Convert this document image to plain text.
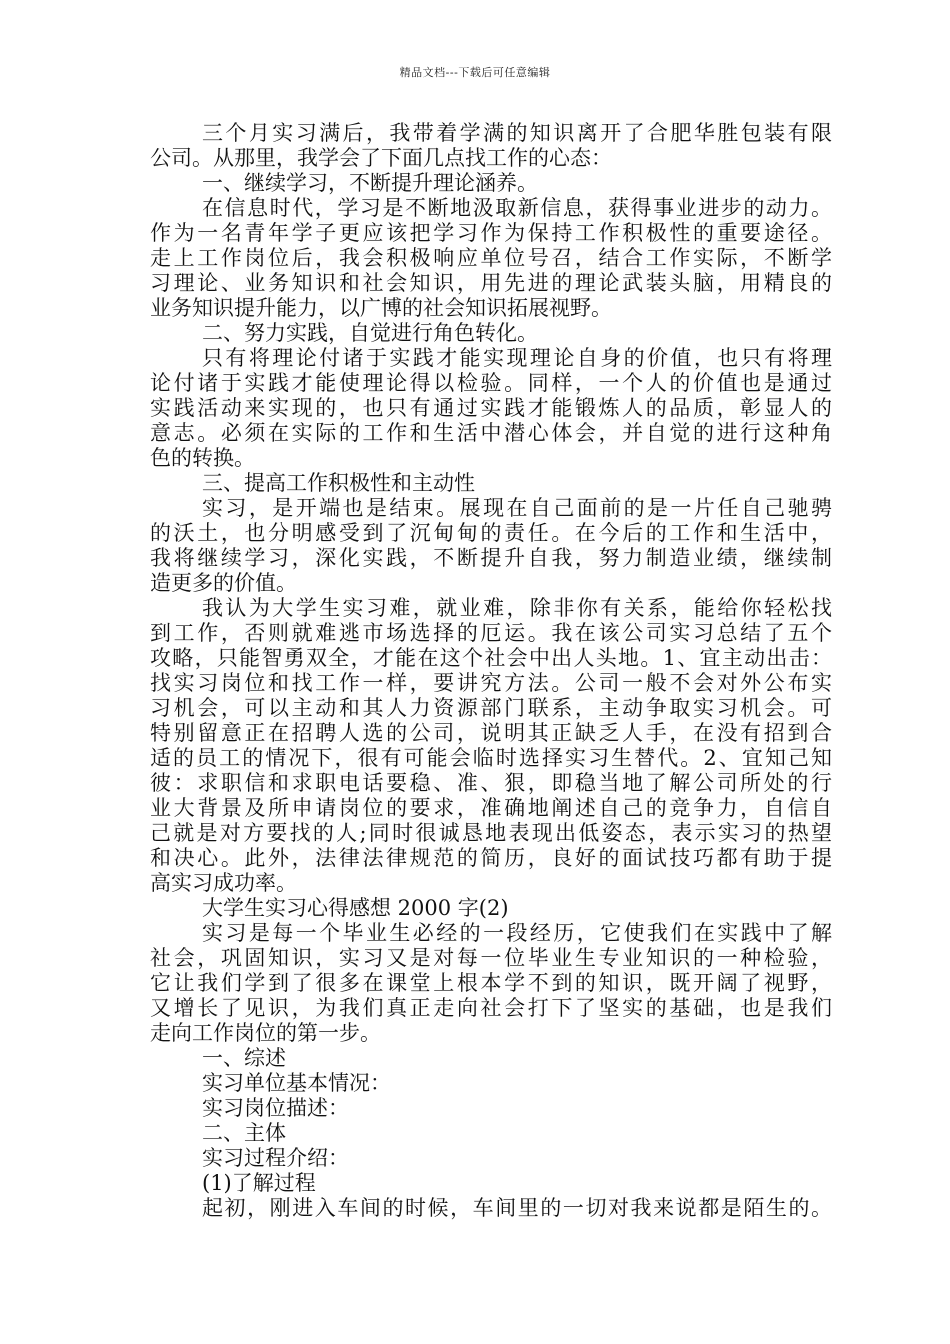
精品文档---下载后可任意编辑
三个月实习满后，我带着学满的知识离开了合肥华胜包装有限
公司。从那里，我学会了下面几点找工作的心态：
一、继续学习，不断提升理论涵养。
在信息时代，学习是不断地汲取新信息，获得事业进步的动力。
作为一名青年学子更应该把学习作为保持工作积极性的重要途径。
走上工作岗位后，我会积极响应单位号召，结合工作实际，不断学
习理论、业务知识和社会知识，用先进的理论武装头脑，用精良的
业务知识提升能力，以广博的社会知识拓展视野。
二、努力实践，自觉进行角色转化。
只有将理论付诸于实践才能实现理论自身的价值，也只有将理
论付诸于实践才能使理论得以检验。同样，一个人的价值也是通过
实践活动来实现的，也只有通过实践才能锻炼人的品质，彰显人的
意志。必须在实际的工作和生活中潜心体会，并自觉的进行这种角
色的转换。
三、提高工作积极性和主动性
实习，是开端也是结束。展现在自己面前的是一片任自己驰骋
的沃土，也分明感受到了沉甸甸的责任。在今后的工作和生活中，
我将继续学习，深化实践，不断提升自我，努力制造业绩，继续制
造更多的价值。
我认为大学生实习难，就业难，除非你有关系，能给你轻松找
到工作，否则就难逃市场选择的厄运。我在该公司实习总结了五个
攻略，只能智勇双全，才能在这个社会中出人头地。1、宜主动出击：
找实习岗位和找工作一样，要讲究方法。公司一般不会对外公布实
习机会，可以主动和其人力资源部门联系，主动争取实习机会。可
特别留意正在招聘人选的公司，说明其正缺乏人手，在没有招到合
适的员工的情况下，很有可能会临时选择实习生替代。2、宜知己知
彼：求职信和求职电话要稳、准、狠，即稳当地了解公司所处的行
业大背景及所申请岗位的要求，准确地阐述自己的竞争力，自信自
己就是对方要找的人;同时很诚恳地表现出低姿态，表示实习的热望
和决心。此外，法律法律规范的简历，良好的面试技巧都有助于提
高实习成功率。
大学生实习心得感想 2000 字(2)
实习是每一个毕业生必经的一段经历，它使我们在实践中了解
社会，巩固知识，实习又是对每一位毕业生专业知识的一种检验，
它让我们学到了很多在课堂上根本学不到的知识，既开阔了视野，
又增长了见识，为我们真正走向社会打下了坚实的基础，也是我们
走向工作岗位的第一步。
一、综述
实习单位基本情况：
实习岗位描述：
二、主体
实习过程介绍：
(1)了解过程
起初，刚进入车间的时候，车间里的一切对我来说都是陌生的。
